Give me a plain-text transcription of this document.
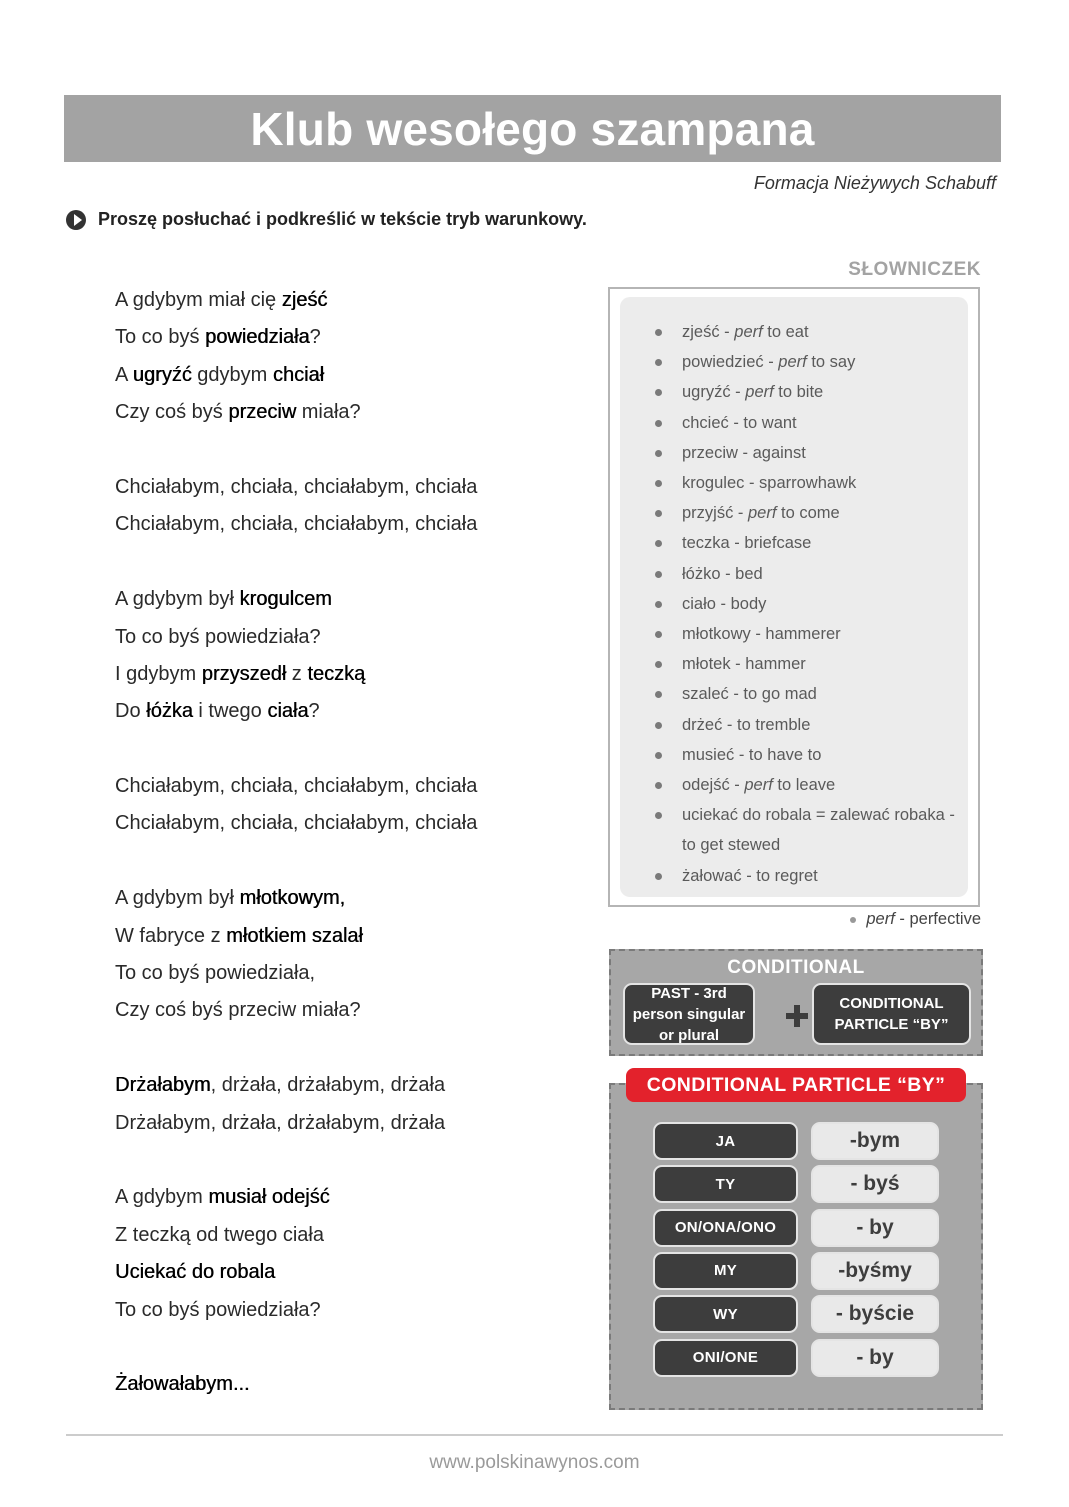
Klub wesołego szampana
Formacja Nieżywych Schabuff
Proszę posłuchać i podkreślić w tekście tryb warunkowy.
A gdybym miał cię zjeść
To co byś powiedziała?
A ugryźć gdybym chciał
Czy coś byś przeciw miała?
Chciałabym, chciała, chciałabym, chciała
Chciałabym, chciała, chciałabym, chciała
A gdybym był krogulcem
To co byś powiedziała?
I gdybym przyszedł z teczką
Do łóżka i twego ciała?
Chciałabym, chciała, chciałabym, chciała
Chciałabym, chciała, chciałabym, chciała
A gdybym był młotkowym,
W fabryce z młotkiem szalał
To co byś powiedziała,
Czy coś byś przeciw miała?
Drżałabym, drżała, drżałabym, drżała
Drżałabym, drżała, drżałabym, drżała
A gdybym musiał odejść
Z teczką od twego ciała
Uciekać do robala
To co byś powiedziała?
Żałowałabym...
SŁOWNICZEK
zjeść - perf to eat
powiedzieć - perf to say
ugryźć - perf to bite
chcieć - to want
przeciw - against
krogulec - sparrowhawk
przyjść - perf to come
teczka - briefcase
łóżko - bed
ciało - body
młotkowy - hammerer
młotek - hammer
szaleć - to go mad
drżeć - to tremble
musieć - to have to
odejść - perf to leave
uciekać do robala = zalewać robaka - to get stewed
żałować - to regret
perf - perfective
CONDITIONAL
PAST - 3rd person singular or plural
CONDITIONAL PARTICLE “BY”
CONDITIONAL PARTICLE “BY”
JA	-bym
TY	- byś
ON/ONA/ONO	- by
MY	-byśmy
WY	- byście
ONI/ONE	- by
www.polskinawynos.com
